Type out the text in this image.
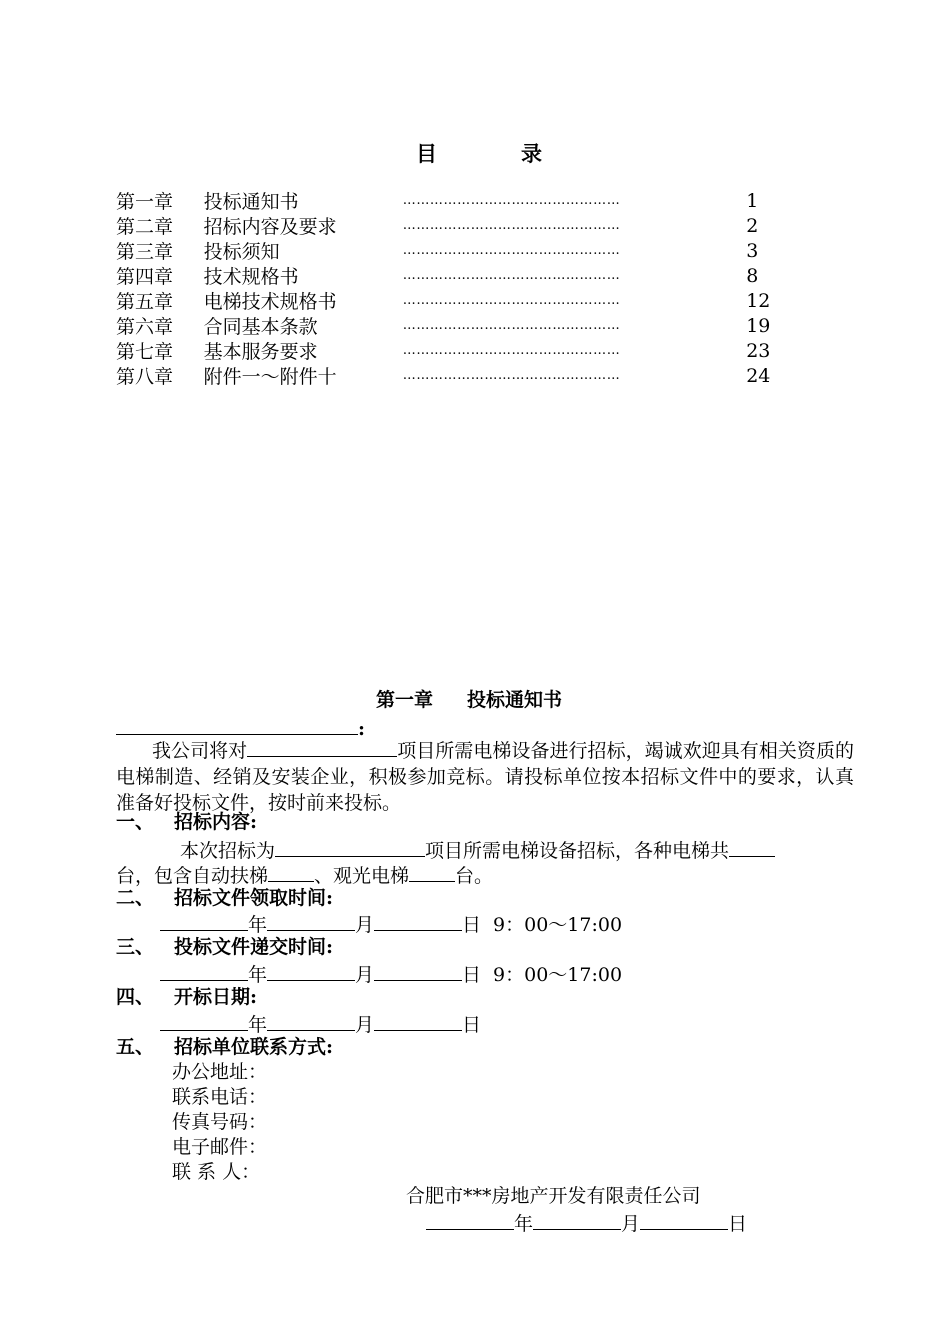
目	录
第一章	投标通知书	…………………………………………	1
第二章	招标内容及要求	…………………………………………	2
第三章	投标须知	…………………………………………	3
第四章	技术规格书	…………………………………………	8
第五章	电梯技术规格书	…………………………………………	12
第六章	合同基本条款	…………………………………………	19
第七章	基本服务要求	…………………………………………	23
第八章	附件一～附件十	…………………………………………	24
第一章 投标通知书
:
我公司将对	项目所需电梯设备进行招标，竭诚欢迎具有相关资质的电梯制造、经销及安装企业，积极参加竞标。请投标单位按本招标文件中的要求，认真准备好投标文件，按时前来投标。
一、 招标内容:
本次招标为	项目所需电梯设备招标，各种电梯共
台，包含自动扶梯 、观光电梯 台。
二、 招标文件领取时间:
年	月	日 9：00～17:00
三、 投标文件递交时间:
年	月	日 9：00～17:00
四、 开标日期:
年	月	日
五、 招标单位联系方式:
办公地址：
联系电话：
传真号码：
电子邮件：
联 系 人：
合肥市***房地产开发有限责任公司
年	月	日
